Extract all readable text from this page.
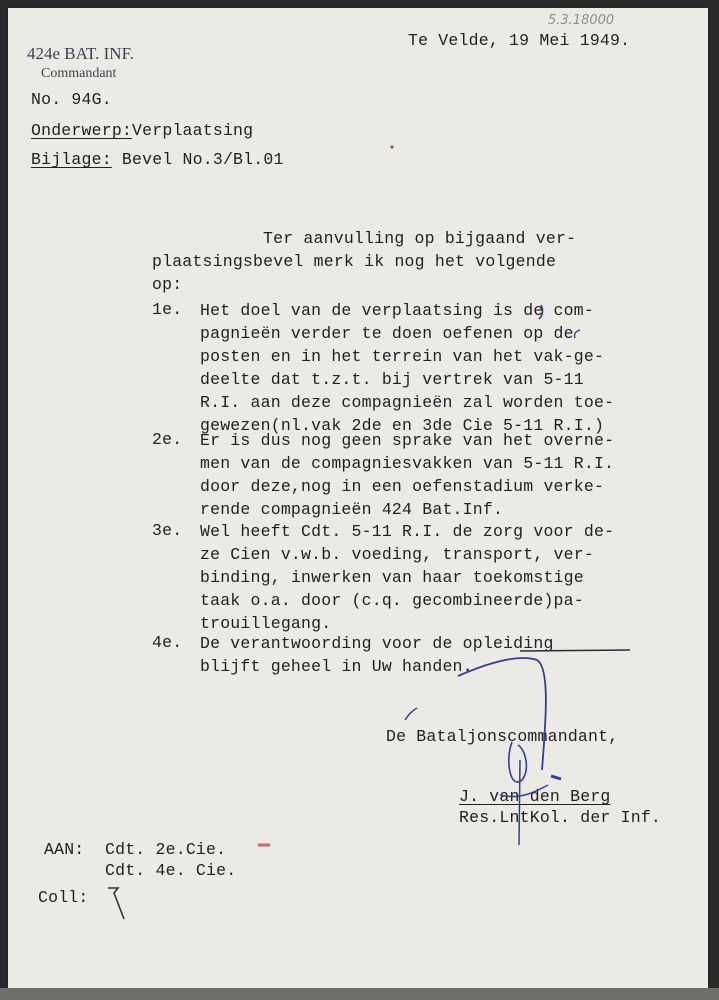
424e BAT. INF.
Commandant
5.3.18000
Te Velde, 19 Mei 1949.
No. 94G.
Onderwerp:Verplaatsing
Bijlage: Bevel No.3/Bl.01
Ter aanvulling op bijgaand ver-
plaatsingsbevel merk ik nog het volgende
op:
1e. Het doel van de verplaatsing is de com-
pagnieën verder te doen oefenen op de
posten en in het terrein van het vak-ge-
deelte dat t.z.t. bij vertrek van 5-11
R.I. aan deze compagnieën zal worden toe-
gewezen(nl.vak 2de en 3de Cie 5-11 R.I.)
2e. Er is dus nog geen sprake van het overne-
men van de compagniesvakken van 5-11 R.I.
door deze,nog in een oefenstadium verke-
rende compagnieën 424 Bat.Inf.
3e. Wel heeft Cdt. 5-11 R.I. de zorg voor de-
ze Cien v.w.b. voeding, transport, ver-
binding, inwerken van haar toekomstige
taak o.a. door (c.q. gecombineerde)pa-
trouillegang.
4e. De verantwoording voor de opleiding
blijft geheel in Uw handen.
De Bataljonscommandant,
J. van den Berg
Res.LntKol. der Inf.
AAN: Cdt. 2e.Cie.
Cdt. 4e. Cie.
Coll:
